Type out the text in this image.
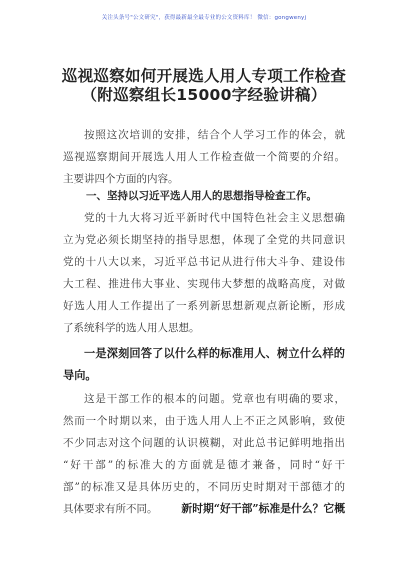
关注头条号"公文研究"，获得最新最全最专业的公文资料库！ 微信：gongwenyj
巡视巡察如何开展选人用人专项工作检查
（附巡察组长15000字经验讲稿）
按照这次培训的安排，结合个人学习工作的体会，就
巡视巡察期间开展选人用人工作检查做一个简要的介绍。
主要讲四个方面的内容。
一、坚持以习近平选人用人的思想指导检查工作。
党的十九大将习近平新时代中国特色社会主义思想确
立为党必须长期坚持的指导思想，体现了全党的共同意识
党的十八大以来，习近平总书记从进行伟大斗争、建设伟
大工程、推进伟大事业、实现伟大梦想的战略高度，对做
好选人用人工作提出了一系列新思想新观点新论断，形成
了系统科学的选人用人思想。
一是深刻回答了以什么样的标准用人、树立什么样的
导向。
这是干部工作的根本的问题。党章也有明确的要求，
然而一个时期以来，由于选人用人上不正之风影响，致使
不少同志对这个问题的认识模糊，对此总书记鲜明地指出
“好干部”的标准大的方面就是德才兼备，同时“好干
部”的标准又是具体历史的，不同历史时期对干部德才的
具体要求有所不同。 新时期“好干部”标准是什么？它概
